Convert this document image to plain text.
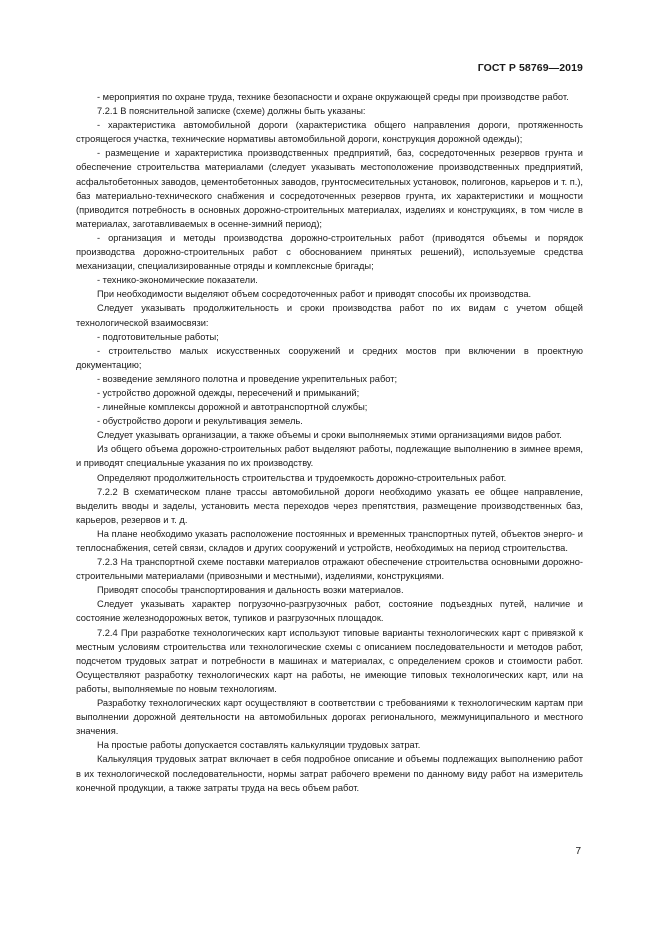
ГОСТ Р 58769—2019

- мероприятия по охране труда, технике безопасности и охране окружающей среды при производстве работ.

7.2.1 В пояснительной записке (схеме) должны быть указаны:

- характеристика автомобильной дороги (характеристика общего направления дороги, протяженность строящегося участка, технические нормативы автомобильной дороги, конструкция дорожной одежды);

- размещение и характеристика производственных предприятий, баз, сосредоточенных резервов грунта и обеспечение строительства материалами (следует указывать местоположение производственных предприятий, асфальтобетонных заводов, цементобетонных заводов, грунтосмесительных установок, полигонов, карьеров и т. п.), баз материально-технического снабжения и сосредоточенных резервов грунта, их характеристики и мощности (приводится потребность в основных дорожно-строительных материалах, изделиях и конструкциях, в том числе в материалах, заготавливаемых в осенне-зимний период);

- организация и методы производства дорожно-строительных работ (приводятся объемы и порядок производства дорожно-строительных работ с обоснованием принятых решений), используемые средства механизации, специализированные отряды и комплексные бригады;

- технико-экономические показатели.

При необходимости выделяют объем сосредоточенных работ и приводят способы их производства.

Следует указывать продолжительность и сроки производства работ по их видам с учетом общей технологической взаимосвязи:

- подготовительные работы;

- строительство малых искусственных сооружений и средних мостов при включении в проектную документацию;

- возведение земляного полотна и проведение укрепительных работ;

- устройство дорожной одежды, пересечений и примыканий;

- линейные комплексы дорожной и автотранспортной службы;

- обустройство дороги и рекультивация земель.

Следует указывать организации, а также объемы и сроки выполняемых этими организациями видов работ.

Из общего объема дорожно-строительных работ выделяют работы, подлежащие выполнению в зимнее время, и приводят специальные указания по их производству.

Определяют продолжительность строительства и трудоемкость дорожно-строительных работ.

7.2.2 В схематическом плане трассы автомобильной дороги необходимо указать ее общее направление, выделить вводы и заделы, установить места переходов через препятствия, размещение производственных баз, карьеров, резервов и т. д.

На плане необходимо указать расположение постоянных и временных транспортных путей, объектов энерго- и теплоснабжения, сетей связи, складов и других сооружений и устройств, необходимых на период строительства.

7.2.3 На транспортной схеме поставки материалов отражают обеспечение строительства основными дорожно-строительными материалами (привозными и местными), изделиями, конструкциями.

Приводят способы транспортирования и дальность возки материалов.

Следует указывать характер погрузочно-разгрузочных работ, состояние подъездных путей, наличие и состояние железнодорожных веток, тупиков и разгрузочных площадок.

7.2.4 При разработке технологических карт используют типовые варианты технологических карт с привязкой к местным условиям строительства или технологические схемы с описанием последовательности и методов работ, подсчетом трудовых затрат и потребности в машинах и материалах, с определением сроков и стоимости работ. Осуществляют разработку технологических карт на работы, не имеющие типовых технологических карт, или на работы, выполняемые по новым технологиям.

Разработку технологических карт осуществляют в соответствии с требованиями к технологическим картам при выполнении дорожной деятельности на автомобильных дорогах регионального, межмуниципального и местного значения.

На простые работы допускается составлять калькуляции трудовых затрат.

Калькуляция трудовых затрат включает в себя подробное описание и объемы подлежащих выполнению работ в их технологической последовательности, нормы затрат рабочего времени по данному виду работ на измеритель конечной продукции, а также затраты труда на весь объем работ.

7
